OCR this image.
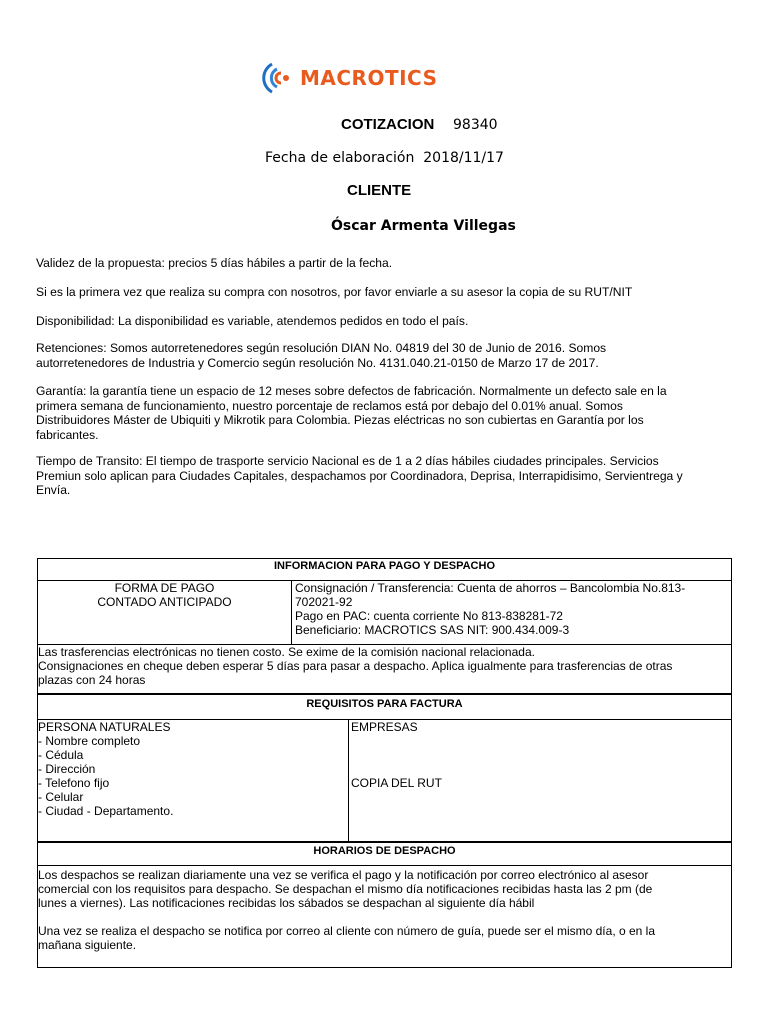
MACROTICS
COTIZACION 98340
Fecha de elaboración 2018/11/17
CLIENTE
Óscar Armenta Villegas
Validez de la propuesta: precios 5 días hábiles a partir de la fecha.
Si es la primera vez que realiza su compra con nosotros, por favor enviarle a su asesor la copia de su RUT/NIT
Disponibilidad: La disponibilidad es variable, atendemos pedidos en todo el país.
Retenciones: Somos autorretenedores según resolución DIAN No. 04819 del 30 de Junio de 2016. Somos
autorretenedores de Industria y Comercio según resolución No. 4131.040.21-0150 de Marzo 17 de 2017.
Garantía: la garantía tiene un espacio de 12 meses sobre defectos de fabricación. Normalmente un defecto sale en la
primera semana de funcionamiento, nuestro porcentaje de reclamos está por debajo del 0.01% anual. Somos
Distribuidores Máster de Ubiquiti y Mikrotik para Colombia. Piezas eléctricas no son cubiertas en Garantía por los
fabricantes.
Tiempo de Transito: El tiempo de trasporte servicio Nacional es de 1 a 2 días hábiles ciudades principales. Servicios
Premiun solo aplican para Ciudades Capitales, despachamos por Coordinadora, Deprisa, Interrapidisimo, Servientrega y
Envía.
INFORMACION PARA PAGO Y DESPACHO
FORMA DE PAGO
CONTADO ANTICIPADO
Consignación / Transferencia: Cuenta de ahorros – Bancolombia No.813-
702021-92
Pago en PAC: cuenta corriente No 813-838281-72
Beneficiario: MACROTICS SAS NIT: 900.434.009-3
Las trasferencias electrónicas no tienen costo. Se exime de la comisión nacional relacionada.
Consignaciones en cheque deben esperar 5 días para pasar a despacho. Aplica igualmente para trasferencias de otras
plazas con 24 horas
REQUISITOS PARA FACTURA
PERSONA NATURALES
- Nombre completo
- Cédula
- Dirección
- Telefono fijo
- Celular
- Ciudad - Departamento.
EMPRESAS
COPIA DEL RUT
HORARIOS DE DESPACHO
Los despachos se realizan diariamente una vez se verifica el pago y la notificación por correo electrónico al asesor
comercial con los requisitos para despacho. Se despachan el mismo día notificaciones recibidas hasta las 2 pm (de
lunes a viernes). Las notificaciones recibidas los sábados se despachan al siguiente día hábil
Una vez se realiza el despacho se notifica por correo al cliente con número de guía, puede ser el mismo día, o en la
mañana siguiente.
